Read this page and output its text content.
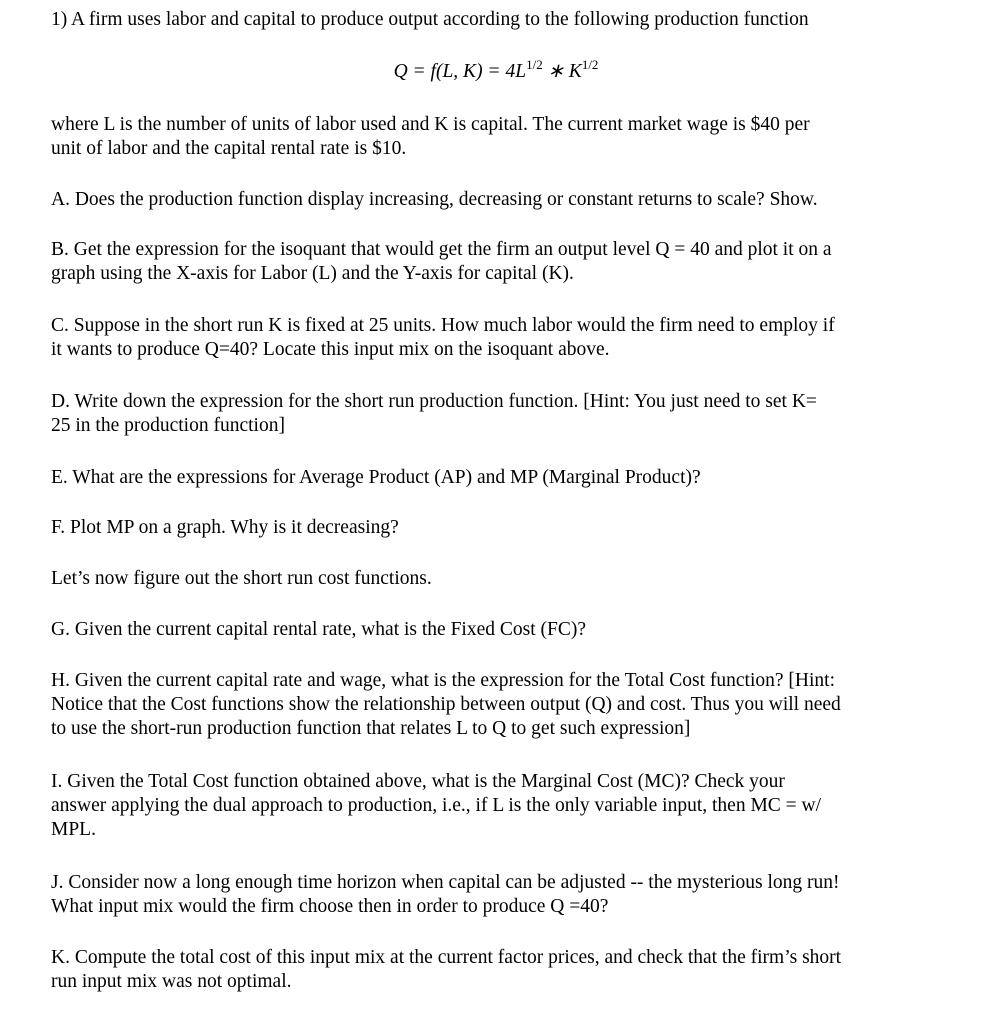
1) A firm uses labor and capital to produce output according to the following production function
Q = f(L, $K) = 4L^{1/2}$ ∗ $K^{1/2}$
where L is the number of units of labor used and K is capital. The current market wage is $40 per
unit of labor and the capital rental rate is $10.
A. Does the production function display increasing, decreasing or constant returns to scale? Show.
B. Get the expression for the isoquant that would get the firm an output level Q = 40 and plot it on a
graph using the X-axis for Labor (L) and the Y-axis for capital (K).
C. Suppose in the short run K is fixed at 25 units. How much labor would the firm need to employ if
it wants to produce Q=40? Locate this input mix on the isoquant above.
D. Write down the expression for the short run production function. [Hint: You just need to set K=
25 in the production function]
E. What are the expressions for Average Product (AP) and MP (Marginal Product)?
F. Plot MP on a graph. Why is it decreasing?
Let’s now figure out the short run cost functions.
G. Given the current capital rental rate, what is the Fixed Cost (FC)?
H. Given the current capital rate and wage, what is the expression for the Total Cost function? [Hint:
Notice that the Cost functions show the relationship between output (Q) and cost. Thus you will need
to use the short-run production function that relates L to Q to get such expression]
I. Given the Total Cost function obtained above, what is the Marginal Cost (MC)? Check your
answer applying the dual approach to production, i.e., if L is the only variable input, then MC = w/
MPL.
J. Consider now a long enough time horizon when capital can be adjusted -- the mysterious long run!
What input mix would the firm choose then in order to produce Q =40?
K. Compute the total cost of this input mix at the current factor prices, and check that the firm’s short
run input mix was not optimal.
